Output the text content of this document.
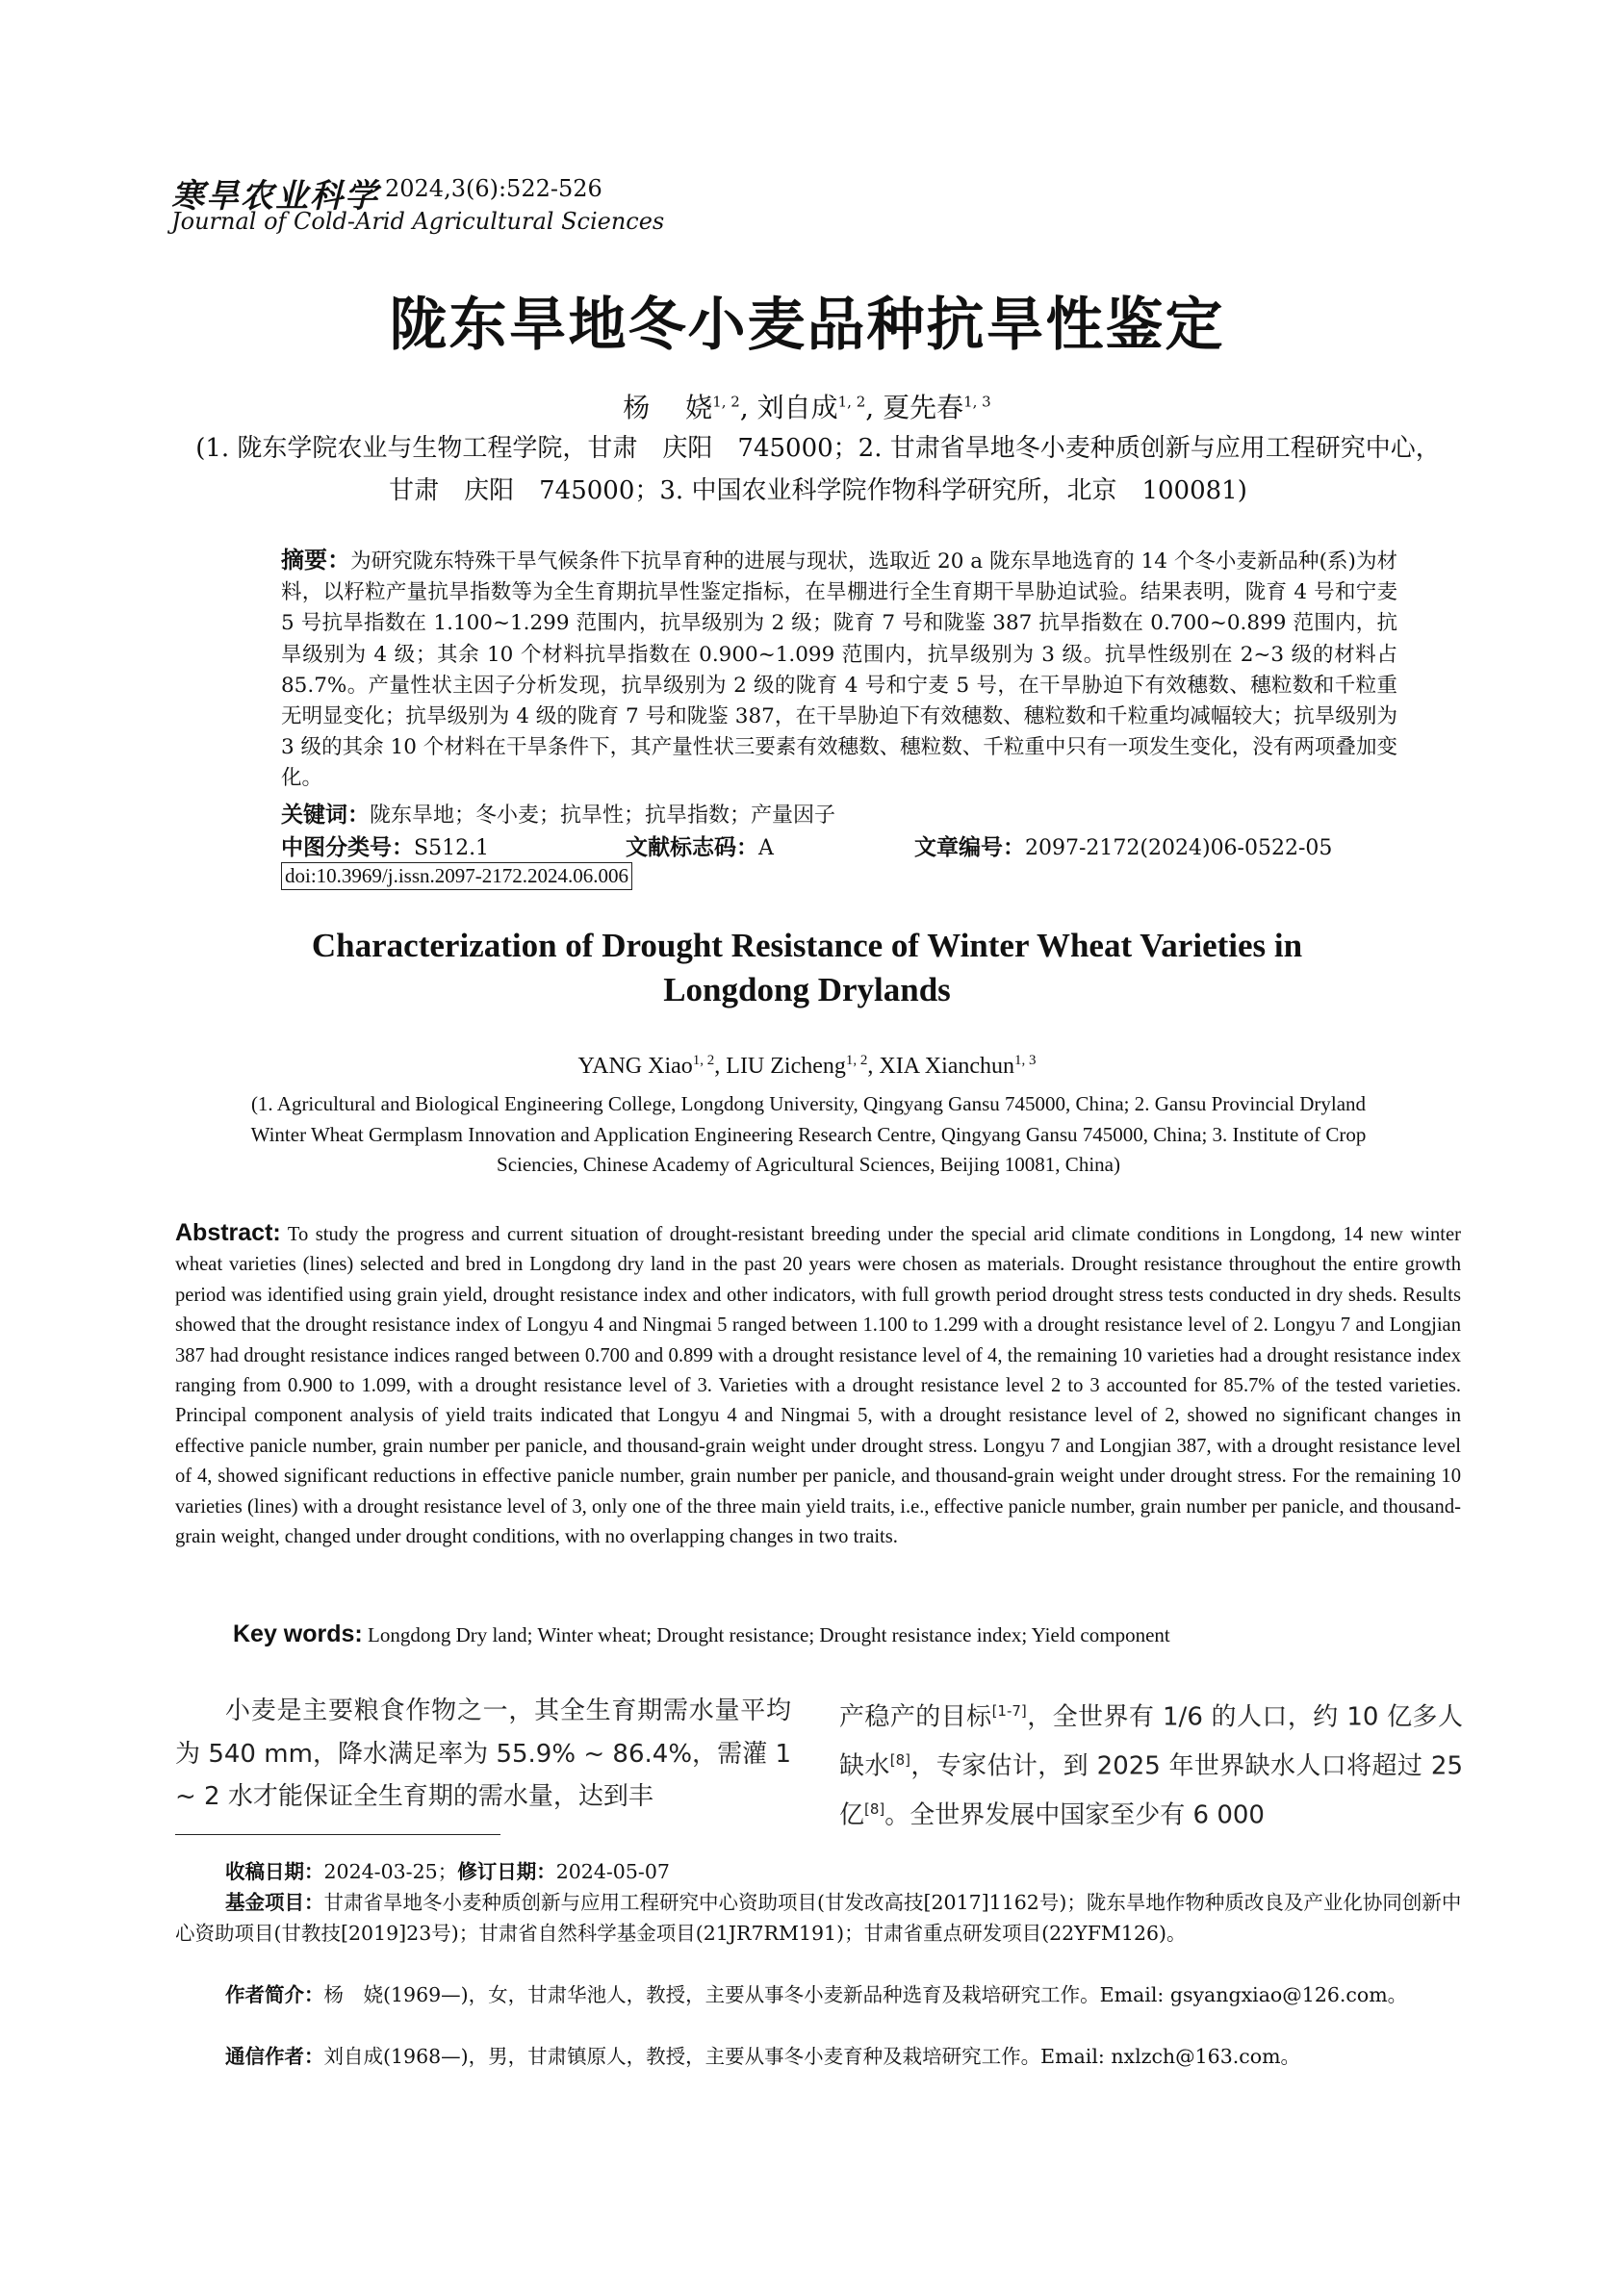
寒旱农业科学 2024,3(6):522-526
Journal of Cold-Arid Agricultural Sciences
陇东旱地冬小麦品种抗旱性鉴定
杨　 娆$^{1, 2}$, 刘自成$^{1, 2}$, 夏先春$^{1, 3}$
(1. 陇东学院农业与生物工程学院，甘肃　庆阳　745000；2. 甘肃省旱地冬小麦种质创新与应用工程研究中心，甘肃　庆阳　745000；3. 中国农业科学院作物科学研究所，北京　100081)
摘要：为研究陇东特殊干旱气候条件下抗旱育种的进展与现状，选取近 20 a 陇东旱地选育的 14 个冬小麦新品种(系)为材料，以籽粒产量抗旱指数等为全生育期抗旱性鉴定指标，在旱棚进行全生育期干旱胁迫试验。结果表明，陇育 4 号和宁麦 5 号抗旱指数在 1.100~1.299 范围内，抗旱级别为 2 级；陇育 7 号和陇鉴 387 抗旱指数在 0.700~0.899 范围内，抗旱级别为 4 级；其余 10 个材料抗旱指数在 0.900~1.099 范围内，抗旱级别为 3 级。抗旱性级别在 2~3 级的材料占 85.7%。产量性状主因子分析发现，抗旱级别为 2 级的陇育 4 号和宁麦 5 号，在干旱胁迫下有效穗数、穗粒数和千粒重无明显变化；抗旱级别为 4 级的陇育 7 号和陇鉴 387，在干旱胁迫下有效穗数、穗粒数和千粒重均减幅较大；抗旱级别为 3 级的其余 10 个材料在干旱条件下，其产量性状三要素有效穗数、穗粒数、千粒重中只有一项发生变化，没有两项叠加变化。
关键词：陇东旱地；冬小麦；抗旱性；抗旱指数；产量因子
中图分类号：S512.1	文献标志码：A	文章编号：2097-2172(2024)06-0522-05
doi:10.3969/j.issn.2097-2172.2024.06.006
Characterization of Drought Resistance of Winter Wheat Varieties in
Longdong Drylands
YANG Xiao$^{1, 2}$, LIU Zicheng$^{1, 2}$, XIA Xianchun$^{1, 3}$
(1. Agricultural and Biological Engineering College, Longdong University, Qingyang Gansu 745000, China; 2. Gansu Provincial Dryland Winter Wheat Germplasm Innovation and Application Engineering Research Centre, Qingyang Gansu 745000, China; 3. Institute of Crop Sciencies, Chinese Academy of Agricultural Sciences, Beijing 10081, China)
Abstract: To study the progress and current situation of drought-resistant breeding under the special arid climate conditions in Longdong, 14 new winter wheat varieties (lines) selected and bred in Longdong dry land in the past 20 years were chosen as materials. Drought resistance throughout the entire growth period was identified using grain yield, drought resistance index and other indicators, with full growth period drought stress tests conducted in dry sheds. Results showed that the drought resistance index of Longyu 4 and Ningmai 5 ranged between 1.100 to 1.299 with a drought resistance level of 2. Longyu 7 and Longjian 387 had drought resistance indices ranged between 0.700 and 0.899 with a drought resistance level of 4, the remaining 10 varieties had a drought resistance index ranging from 0.900 to 1.099, with a drought resistance level of 3. Varieties with a drought resistance level 2 to 3 accounted for 85.7% of the tested varieties. Principal component analysis of yield traits indicated that Longyu 4 and Ningmai 5, with a drought resistance level of 2, showed no significant changes in effective panicle number, grain number per panicle, and thousand-grain weight under drought stress. Longyu 7 and Longjian 387, with a drought resistance level of 4, showed significant reductions in effective panicle number, grain number per panicle, and thousand-grain weight under drought stress. For the remaining 10 varieties (lines) with a drought resistance level of 3, only one of the three main yield traits, i.e., effective panicle number, grain number per panicle, and thousand-grain weight, changed under drought conditions, with no overlapping changes in two traits.
Key words: Longdong Dry land; Winter wheat; Drought resistance; Drought resistance index; Yield component
小麦是主要粮食作物之一，其全生育期需水量平均为 540 mm，降水满足率为 55.9% ~ 86.4%，需灌 1 ~ 2 水才能保证全生育期的需水量，达到丰
产稳产的目标[1-7]，全世界有 1/6 的人口，约 10 亿多人缺水[8]，专家估计，到 2025 年世界缺水人口将超过 25 亿[8]。全世界发展中国家至少有 6 000
收稿日期：2024-03-25；修订日期：2024-05-07
基金项目：甘肃省旱地冬小麦种质创新与应用工程研究中心资助项目(甘发改高技[2017]1162号)；陇东旱地作物种质改良及产业化协同创新中心资助项目(甘教技[2019]23号)；甘肃省自然科学基金项目(21JR7RM191)；甘肃省重点研发项目(22YFM126)。
作者简介：杨　娆(1969—)，女，甘肃华池人，教授，主要从事冬小麦新品种选育及栽培研究工作。Email: gsyangxiao@126.com。
通信作者：刘自成(1968—)，男，甘肃镇原人，教授，主要从事冬小麦育种及栽培研究工作。Email: nxlzch@163.com。
